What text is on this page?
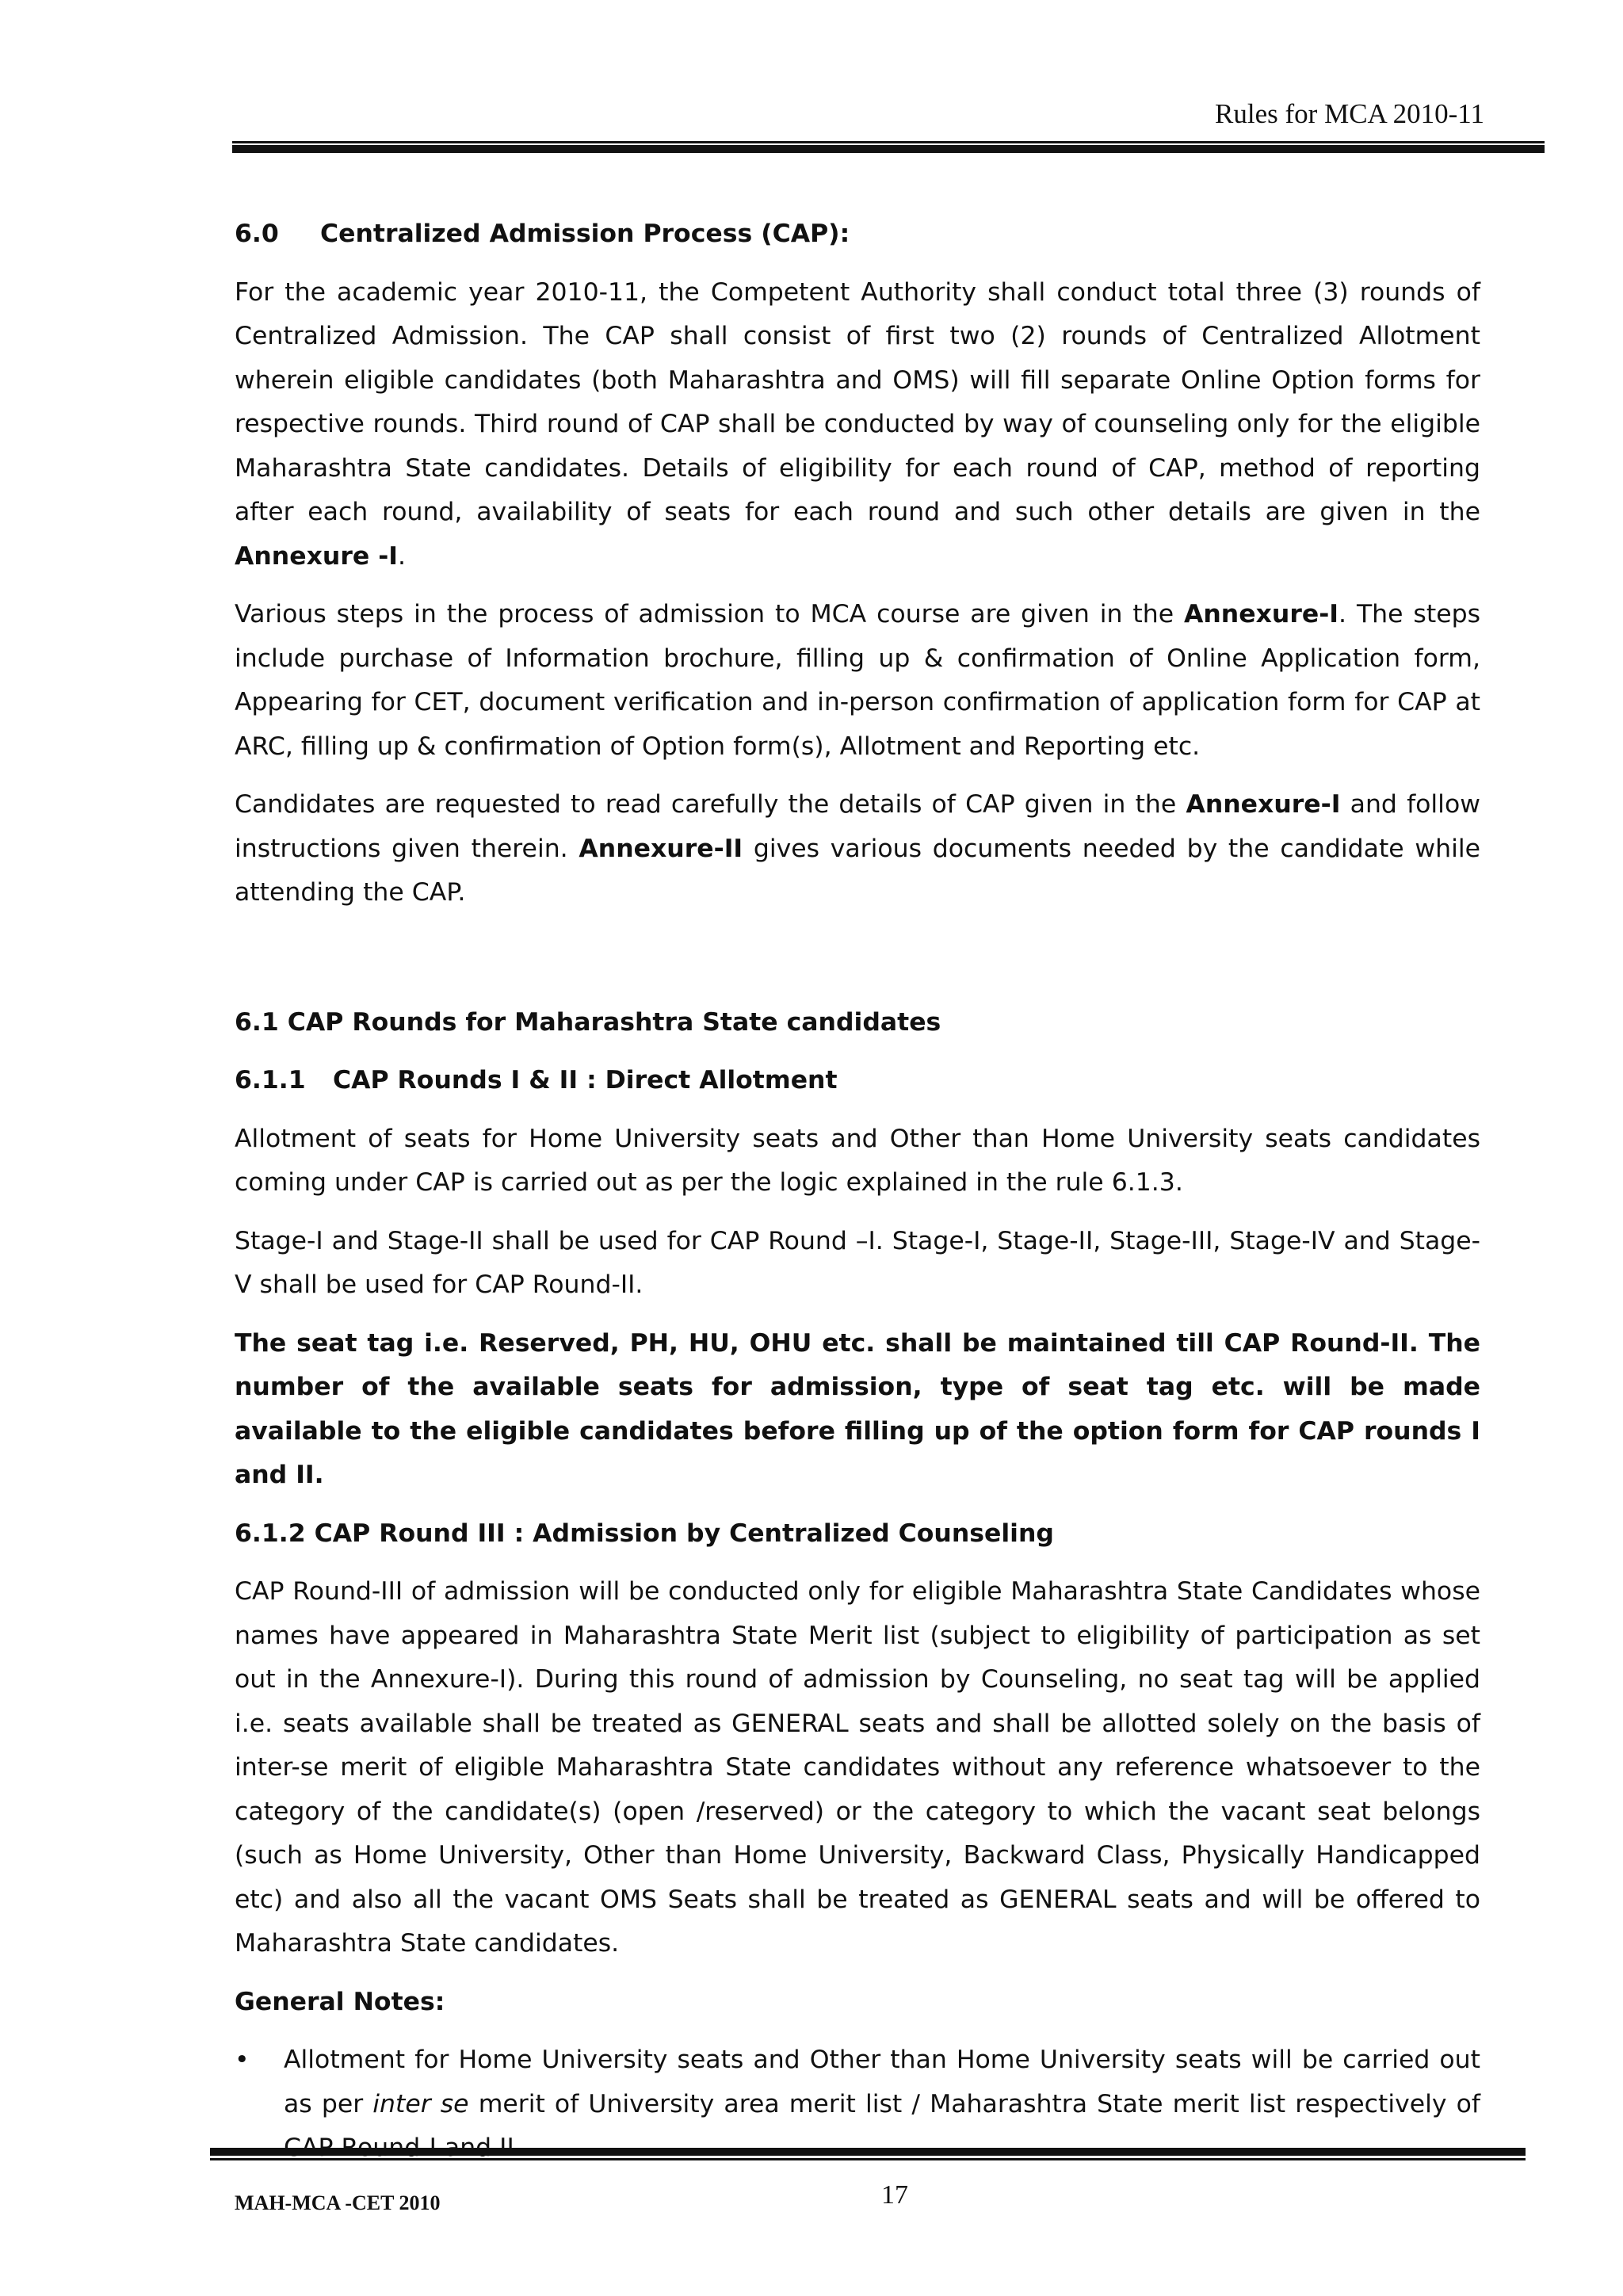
Rules for MCA 2010-11
6.0 Centralized Admission Process (CAP):

For the academic year 2010-11, the Competent Authority shall conduct total three (3) rounds of Centralized Admission. The CAP shall consist of first two (2) rounds of Centralized Allotment wherein eligible candidates (both Maharashtra and OMS) will fill separate Online Option forms for respective rounds. Third round of CAP shall be conducted by way of counseling only for the eligible Maharashtra State candidates. Details of eligibility for each round of CAP, method of reporting after each round, availability of seats for each round and such other details are given in the Annexure -I.

Various steps in the process of admission to MCA course are given in the Annexure-I. The steps include purchase of Information brochure, filling up & confirmation of Online Application form, Appearing for CET, document verification and in-person confirmation of application form for CAP at ARC, filling up & confirmation of Option form(s), Allotment and Reporting etc.

Candidates are requested to read carefully the details of CAP given in the Annexure-I and follow instructions given therein. Annexure-II gives various documents needed by the candidate while attending the CAP.

6.1 CAP Rounds for Maharashtra State candidates
6.1.1 CAP Rounds I & II : Direct Allotment

Allotment of seats for Home University seats and Other than Home University seats candidates coming under CAP is carried out as per the logic explained in the rule 6.1.3.

Stage-I and Stage-II shall be used for CAP Round –I. Stage-I, Stage-II, Stage-III, Stage-IV and Stage-V shall be used for CAP Round-II.

The seat tag i.e. Reserved, PH, HU, OHU etc. shall be maintained till CAP Round-II. The number of the available seats for admission, type of seat tag etc. will be made available to the eligible candidates before filling up of the option form for CAP rounds I and II.

6.1.2 CAP Round III : Admission by Centralized Counseling

CAP Round-III of admission will be conducted only for eligible Maharashtra State Candidates whose names have appeared in Maharashtra State Merit list (subject to eligibility of participation as set out in the Annexure-I). During this round of admission by Counseling, no seat tag will be applied i.e. seats available shall be treated as GENERAL seats and shall be allotted solely on the basis of inter-se merit of eligible Maharashtra State candidates without any reference whatsoever to the category of the candidate(s) (open /reserved) or the category to which the vacant seat belongs (such as Home University, Other than Home University, Backward Class, Physically Handicapped etc) and also all the vacant OMS Seats shall be treated as GENERAL seats and will be offered to Maharashtra State candidates.

General Notes:
• Allotment for Home University seats and Other than Home University seats will be carried out as per inter se merit of University area merit list / Maharashtra State merit list respectively of
MAH-MCA -CET 2010	17
